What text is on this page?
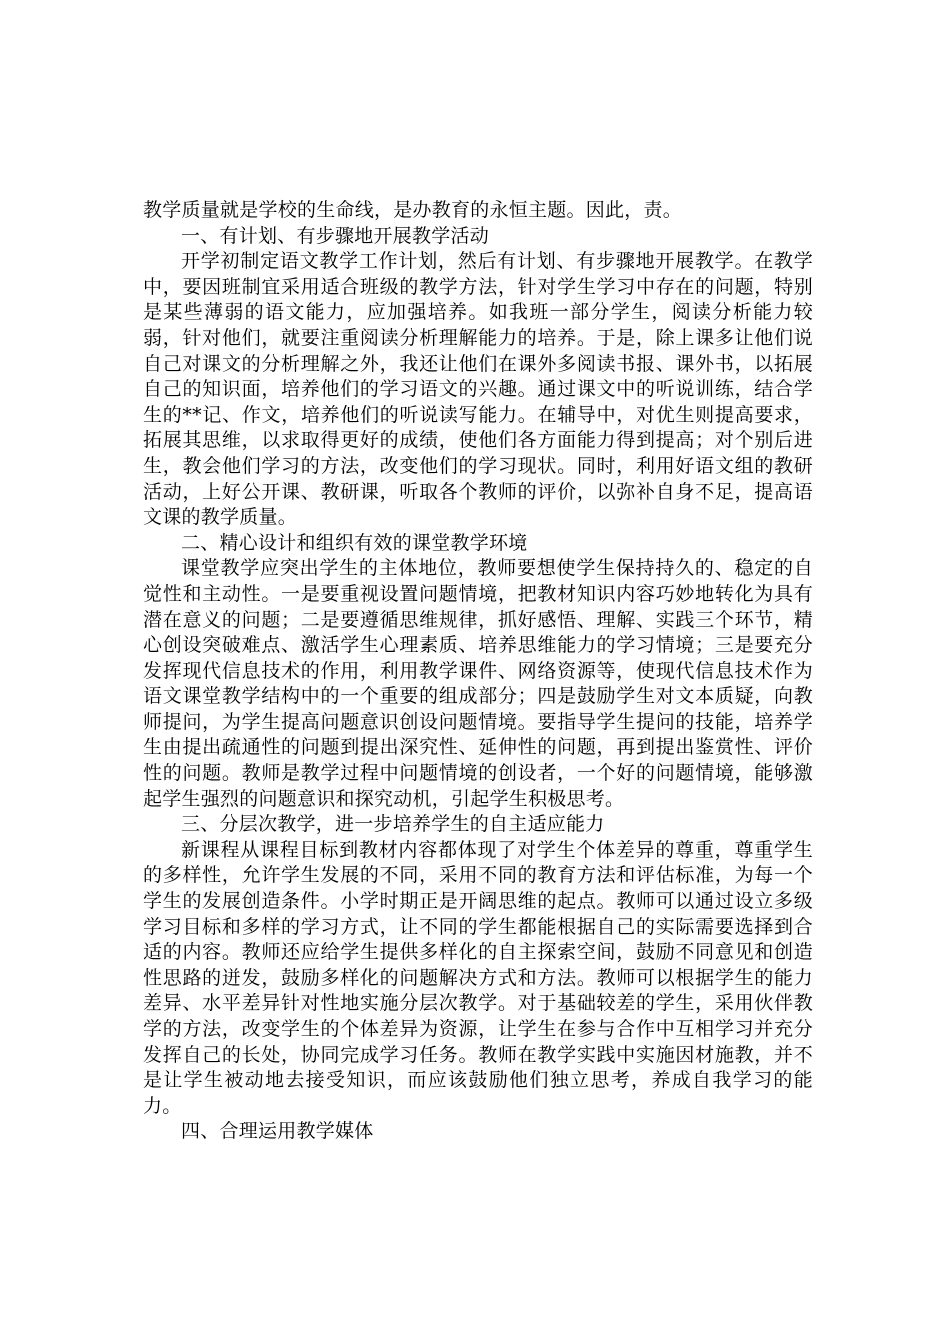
教学质量就是学校的生命线，是办教育的永恒主题。因此，责。

一、有计划、有步骤地开展教学活动

开学初制定语文教学工作计划，然后有计划、有步骤地开展教学。在教学中，要因班制宜采用适合班级的教学方法，针对学生学习中存在的问题，特别是某些薄弱的语文能力，应加强培养。如我班一部分学生，阅读分析能力较弱，针对他们，就要注重阅读分析理解能力的培养。于是，除上课多让他们说自己对课文的分析理解之外，我还让他们在课外多阅读书报、课外书，以拓展自己的知识面，培养他们的学习语文的兴趣。通过课文中的听说训练，结合学生的**记、作文，培养他们的听说读写能力。在辅导中，对优生则提高要求，拓展其思维，以求取得更好的成绩，使他们各方面能力得到提高；对个别后进生，教会他们学习的方法，改变他们的学习现状。同时，利用好语文组的教研活动，上好公开课、教研课，听取各个教师的评价，以弥补自身不足，提高语文课的教学质量。

二、精心设计和组织有效的课堂教学环境

课堂教学应突出学生的主体地位，教师要想使学生保持持久的、稳定的自觉性和主动性。一是要重视设置问题情境，把教材知识内容巧妙地转化为具有潜在意义的问题；二是要遵循思维规律，抓好感悟、理解、实践三个环节，精心创设突破难点、激活学生心理素质、培养思维能力的学习情境；三是要充分发挥现代信息技术的作用，利用教学课件、网络资源等，使现代信息技术作为语文课堂教学结构中的一个重要的组成部分；四是鼓励学生对文本质疑，向教师提问，为学生提高问题意识创设问题情境。要指导学生提问的技能，培养学生由提出疏通性的问题到提出深究性、延伸性的问题，再到提出鉴赏性、评价性的问题。教师是教学过程中问题情境的创设者，一个好的问题情境，能够激起学生强烈的问题意识和探究动机，引起学生积极思考。

三、分层次教学，进一步培养学生的自主适应能力

新课程从课程目标到教材内容都体现了对学生个体差异的尊重，尊重学生的多样性，允许学生发展的不同，采用不同的教育方法和评估标准，为每一个学生的发展创造条件。小学时期正是开阔思维的起点。教师可以通过设立多级学习目标和多样的学习方式，让不同的学生都能根据自己的实际需要选择到合适的内容。教师还应给学生提供多样化的自主探索空间，鼓励不同意见和创造性思路的迸发，鼓励多样化的问题解决方式和方法。教师可以根据学生的能力差异、水平差异针对性地实施分层次教学。对于基础较差的学生，采用伙伴教学的方法，改变学生的个体差异为资源，让学生在参与合作中互相学习并充分发挥自己的长处，协同完成学习任务。教师在教学实践中实施因材施教，并不是让学生被动地去接受知识，而应该鼓励他们独立思考，养成自我学习的能力。

四、合理运用教学媒体
